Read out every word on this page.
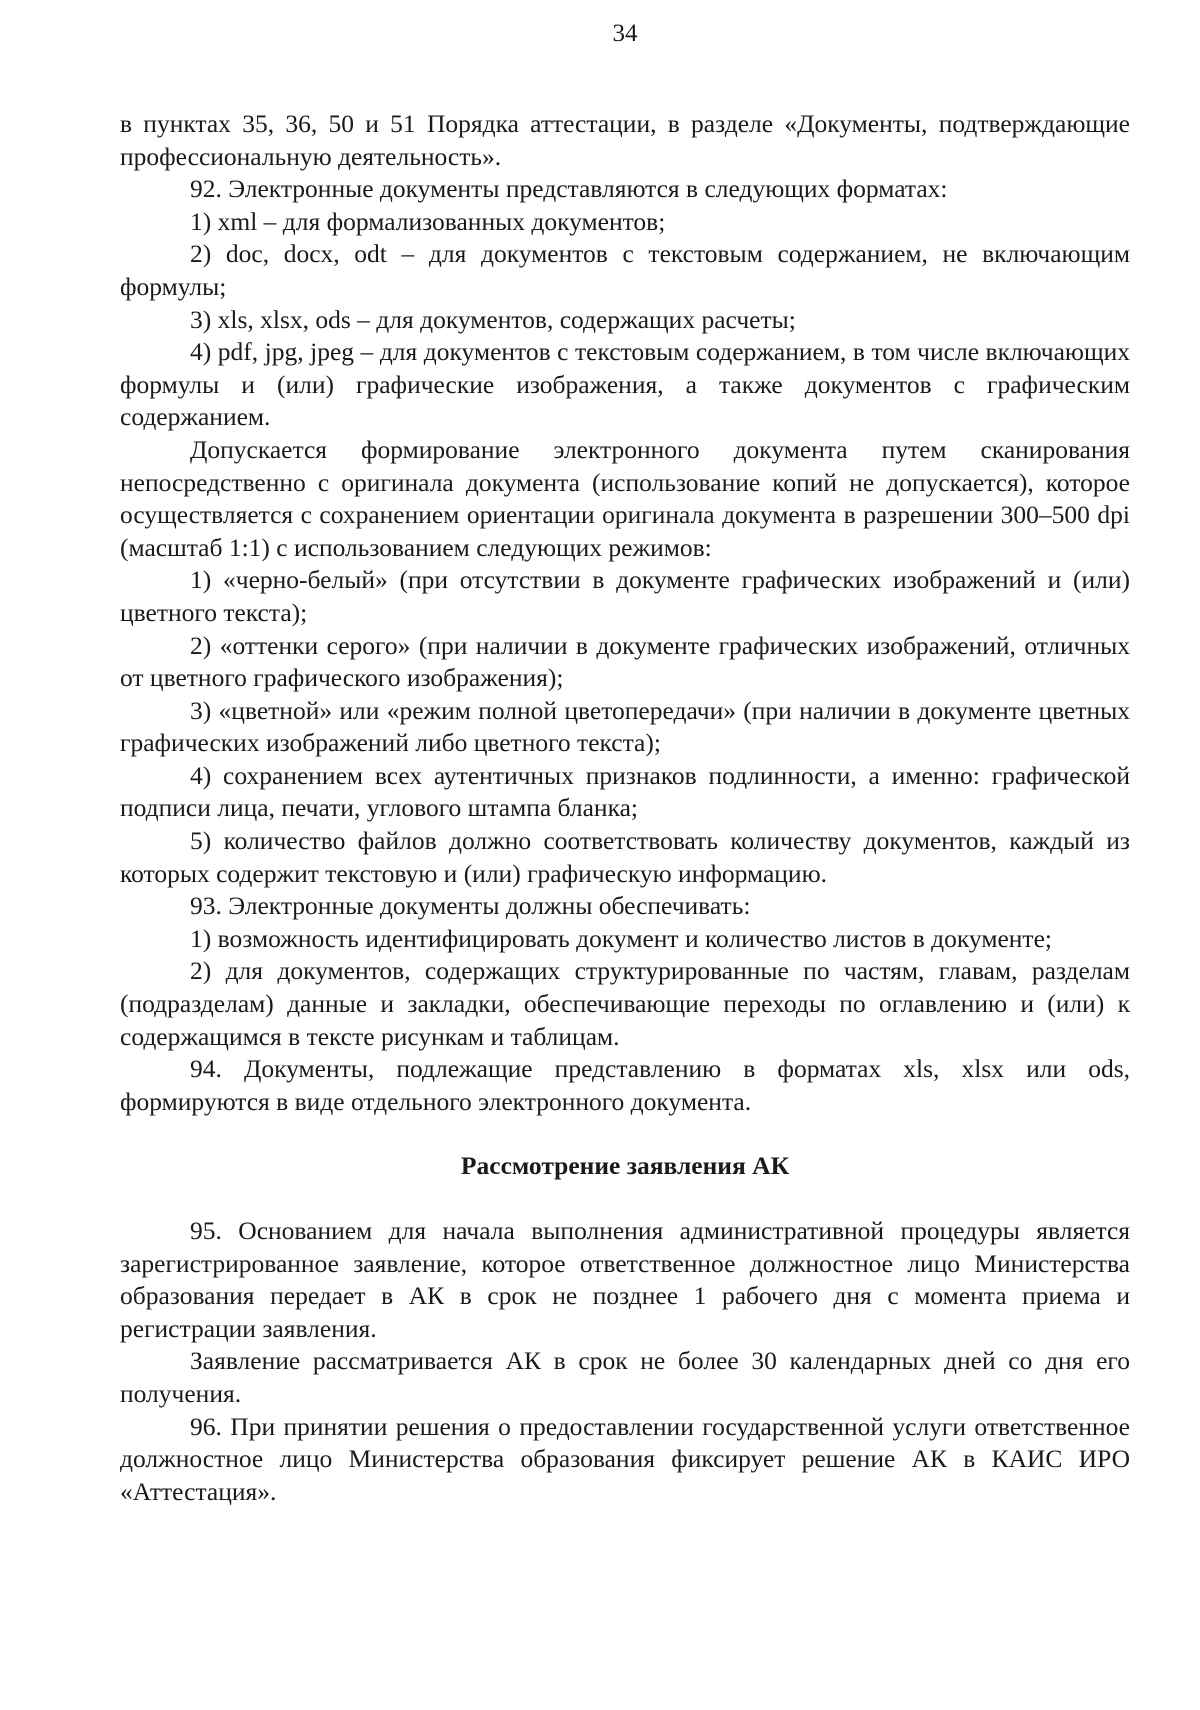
34

в пунктах 35, 36, 50 и 51 Порядка аттестации, в разделе «Документы, подтверждающие профессиональную деятельность».

92. Электронные документы представляются в следующих форматах:

1) xml – для формализованных документов;

2) doc, docx, odt – для документов с текстовым содержанием, не включающим формулы;

3) xls, xlsx, ods – для документов, содержащих расчеты;

4) pdf, jpg, jpeg – для документов с текстовым содержанием, в том числе включающих формулы и (или) графические изображения, а также документов с графическим содержанием.

Допускается формирование электронного документа путем сканирования непосредственно с оригинала документа (использование копий не допускается), которое осуществляется с сохранением ориентации оригинала документа в разрешении 300–500 dpi (масштаб 1:1) с использованием следующих режимов:

1) «черно-белый» (при отсутствии в документе графических изображений и (или) цветного текста);

2) «оттенки серого» (при наличии в документе графических изображений, отличных от цветного графического изображения);

3) «цветной» или «режим полной цветопередачи» (при наличии в документе цветных графических изображений либо цветного текста);

4) сохранением всех аутентичных признаков подлинности, а именно: графической подписи лица, печати, углового штампа бланка;

5) количество файлов должно соответствовать количеству документов, каждый из которых содержит текстовую и (или) графическую информацию.

93. Электронные документы должны обеспечивать:

1) возможность идентифицировать документ и количество листов в документе;

2) для документов, содержащих структурированные по частям, главам, разделам (подразделам) данные и закладки, обеспечивающие переходы по оглавлению и (или) к содержащимся в тексте рисункам и таблицам.

94. Документы, подлежащие представлению в форматах xls, xlsx или ods, формируются в виде отдельного электронного документа.

Рассмотрение заявления АК

95. Основанием для начала выполнения административной процедуры является зарегистрированное заявление, которое ответственное должностное лицо Министерства образования передает в АК в срок не позднее 1 рабочего дня с момента приема и регистрации заявления.

Заявление рассматривается АК в срок не более 30 календарных дней со дня его получения.

96. При принятии решения о предоставлении государственной услуги ответственное должностное лицо Министерства образования фиксирует решение АК в КАИС ИРО «Аттестация».
